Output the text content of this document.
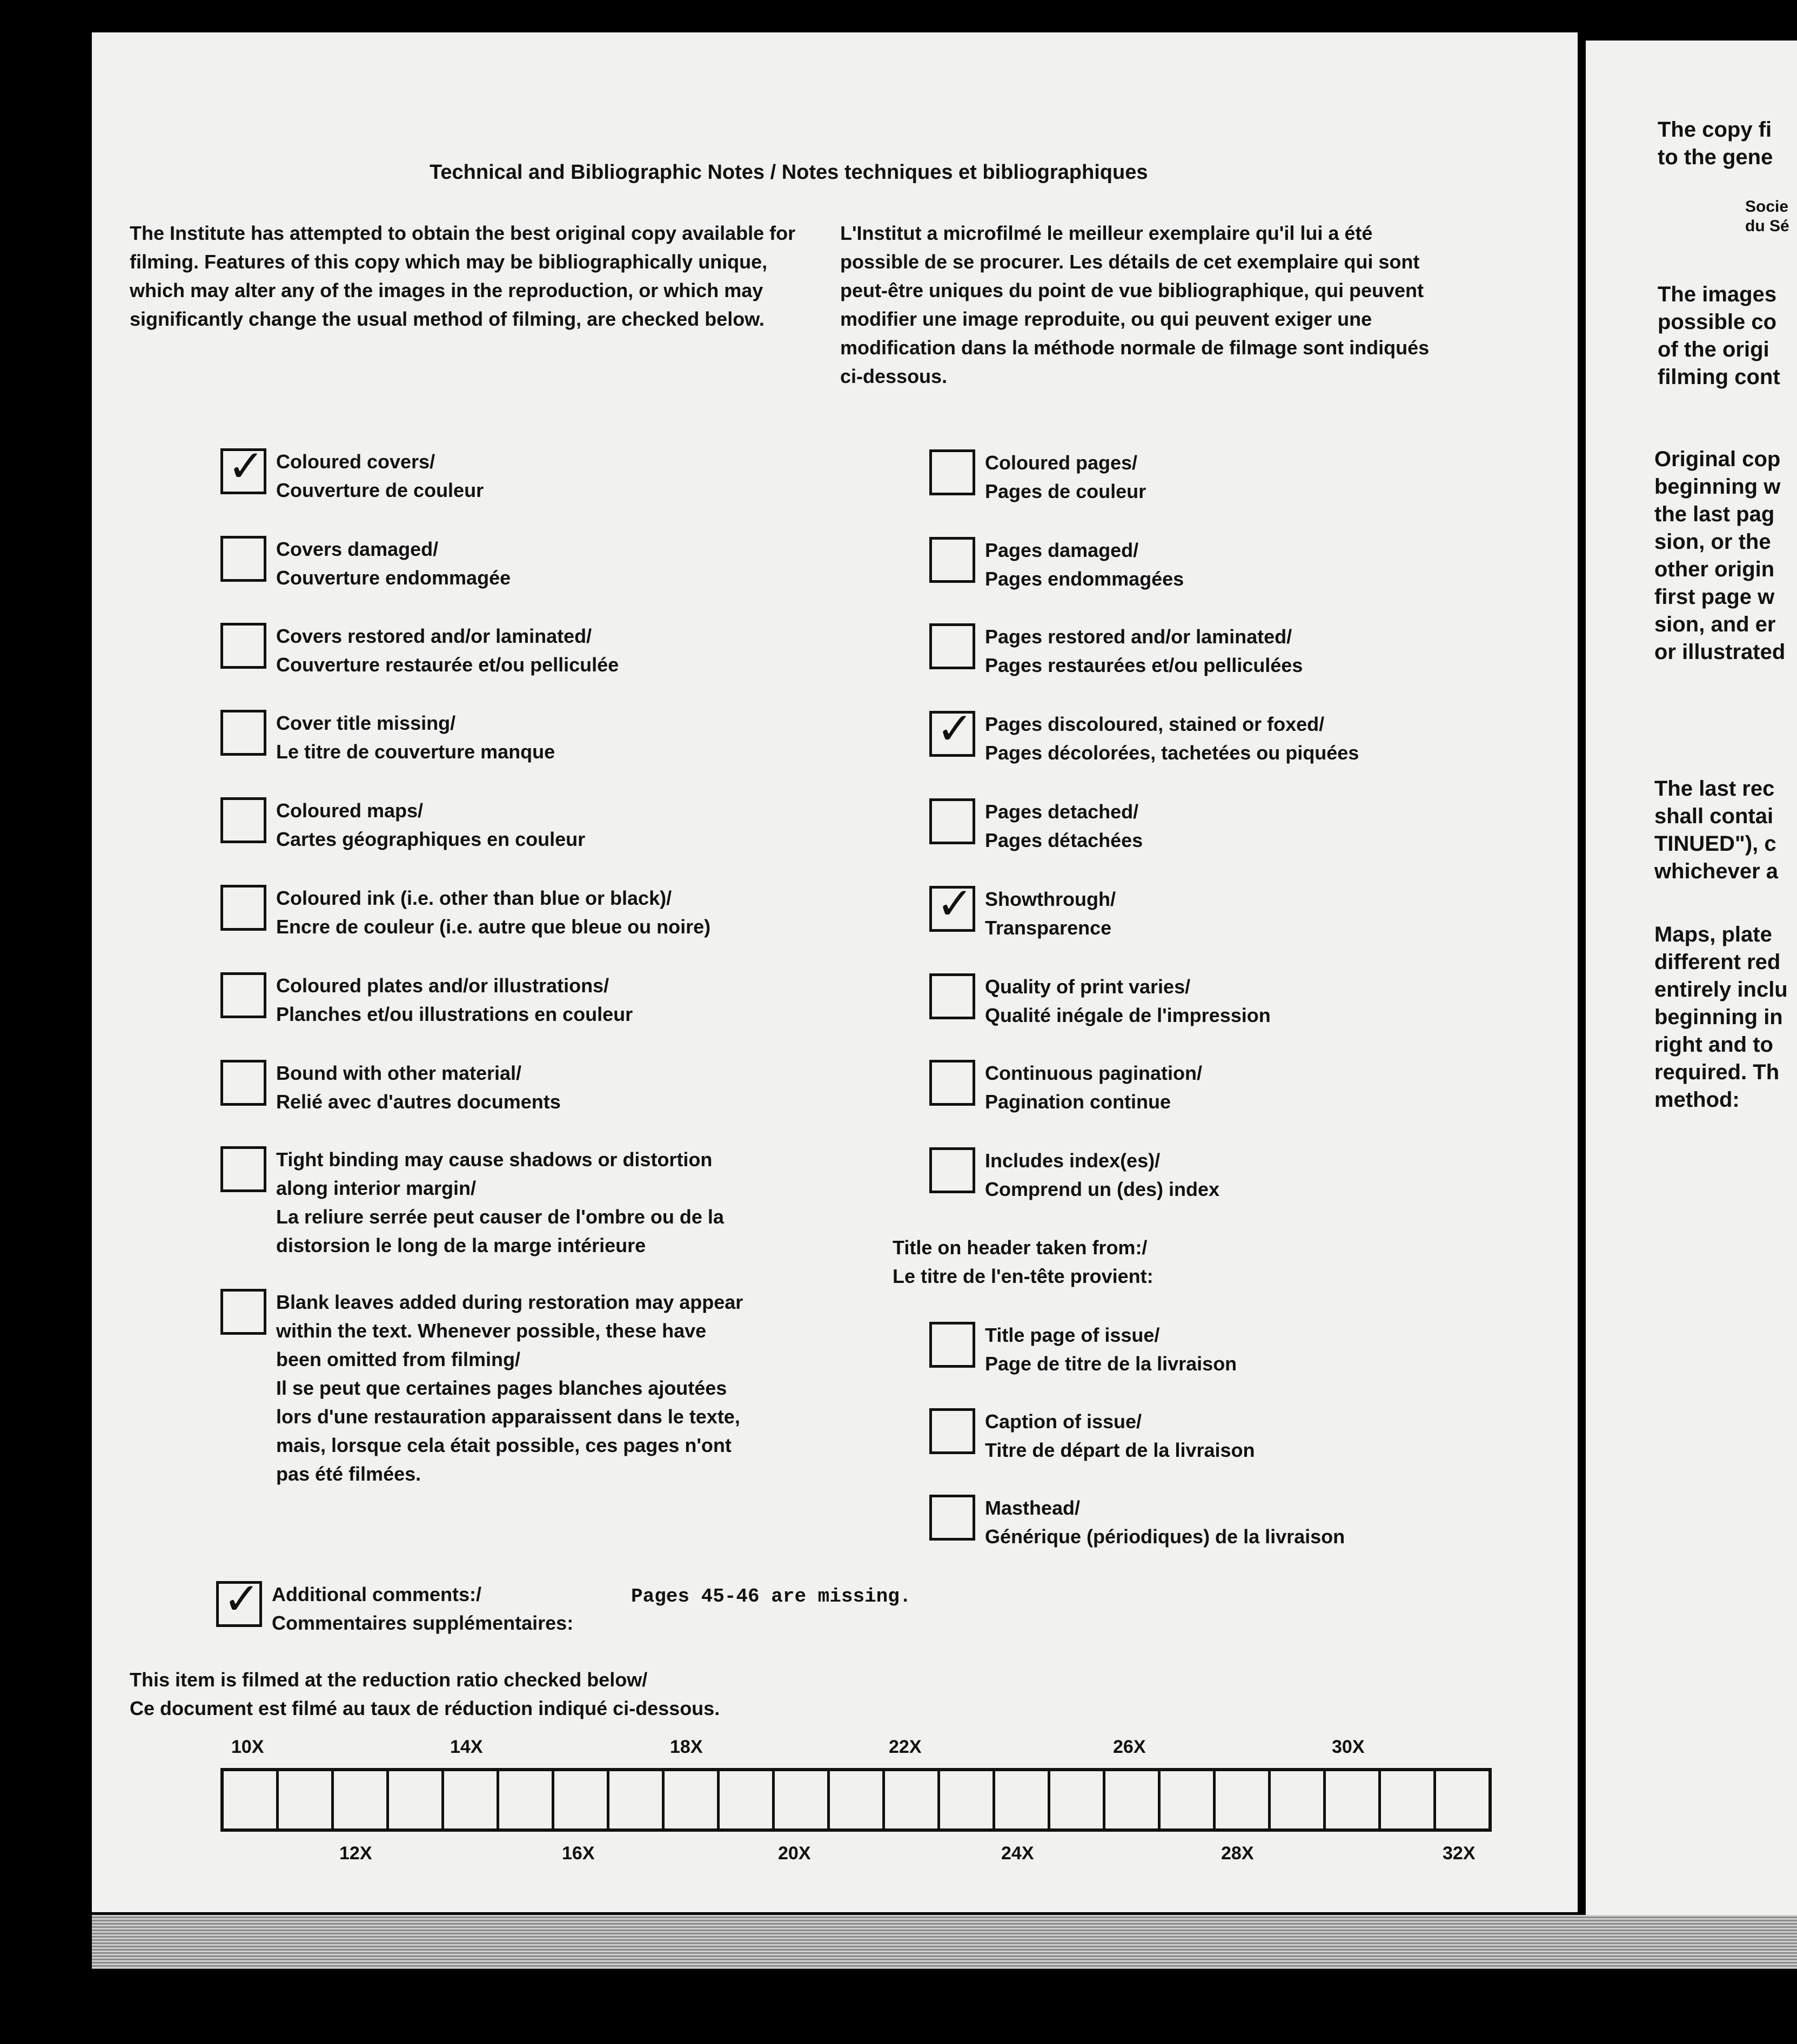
Technical and Bibliographic Notes / Notes techniques et bibliographiques
The Institute has attempted to obtain the best original copy available for filming. Features of this copy which may be bibliographically unique, which may alter any of the images in the reproduction, or which may significantly change the usual method of filming, are checked below.
L'Institut a microfilmé le meilleur exemplaire qu'il lui a été possible de se procurer. Les détails de cet exemplaire qui sont peut-être uniques du point de vue bibliographique, qui peuvent modifier une image reproduite, ou qui peuvent exiger une modification dans la méthode normale de filmage sont indiqués ci-dessous.
✓
Coloured covers/
Couverture de couleur
Covers damaged/
Couverture endommagée
Covers restored and/or laminated/
Couverture restaurée et/ou pelliculée
Cover title missing/
Le titre de couverture manque
Coloured maps/
Cartes géographiques en couleur
Coloured ink (i.e. other than blue or black)/
Encre de couleur (i.e. autre que bleue ou noire)
Coloured plates and/or illustrations/
Planches et/ou illustrations en couleur
Bound with other material/
Relié avec d'autres documents
Tight binding may cause shadows or distortion
along interior margin/
La reliure serrée peut causer de l'ombre ou de la
distorsion le long de la marge intérieure
Blank leaves added during restoration may appear
within the text. Whenever possible, these have
been omitted from filming/
Il se peut que certaines pages blanches ajoutées
lors d'une restauration apparaissent dans le texte,
mais, lorsque cela était possible, ces pages n'ont
pas été filmées.
Coloured pages/
Pages de couleur
Pages damaged/
Pages endommagées
Pages restored and/or laminated/
Pages restaurées et/ou pelliculées
✓
Pages discoloured, stained or foxed/
Pages décolorées, tachetées ou piquées
Pages detached/
Pages détachées
✓
Showthrough/
Transparence
Quality of print varies/
Qualité inégale de l'impression
Continuous pagination/
Pagination continue
Includes index(es)/
Comprend un (des) index
Title page of issue/
Page de titre de la livraison
Caption of issue/
Titre de départ de la livraison
Masthead/
Générique (périodiques) de la livraison
Title on header taken from:/
Le titre de l'en-tête provient:
✓
Additional comments:/
Commentaires supplémentaires:
Pages 45-46 are missing.
This item is filmed at the reduction ratio checked below/
Ce document est filmé au taux de réduction indiqué ci-dessous.
10X	14X	18X	22X	26X	30X
12X	16X	20X	24X	28X	32X
The copy fi
to the gene
Socie
du Sé
The images
possible co
of the origi
filming cont
Original cop
beginning w
the last pag
sion, or the
other origin
first page w
sion, and er
or illustrated
The last rec
shall contai
TINUED"), c
whichever a
Maps, plate
different red
entirely inclu
beginning in
right and to
required. Th
method:
